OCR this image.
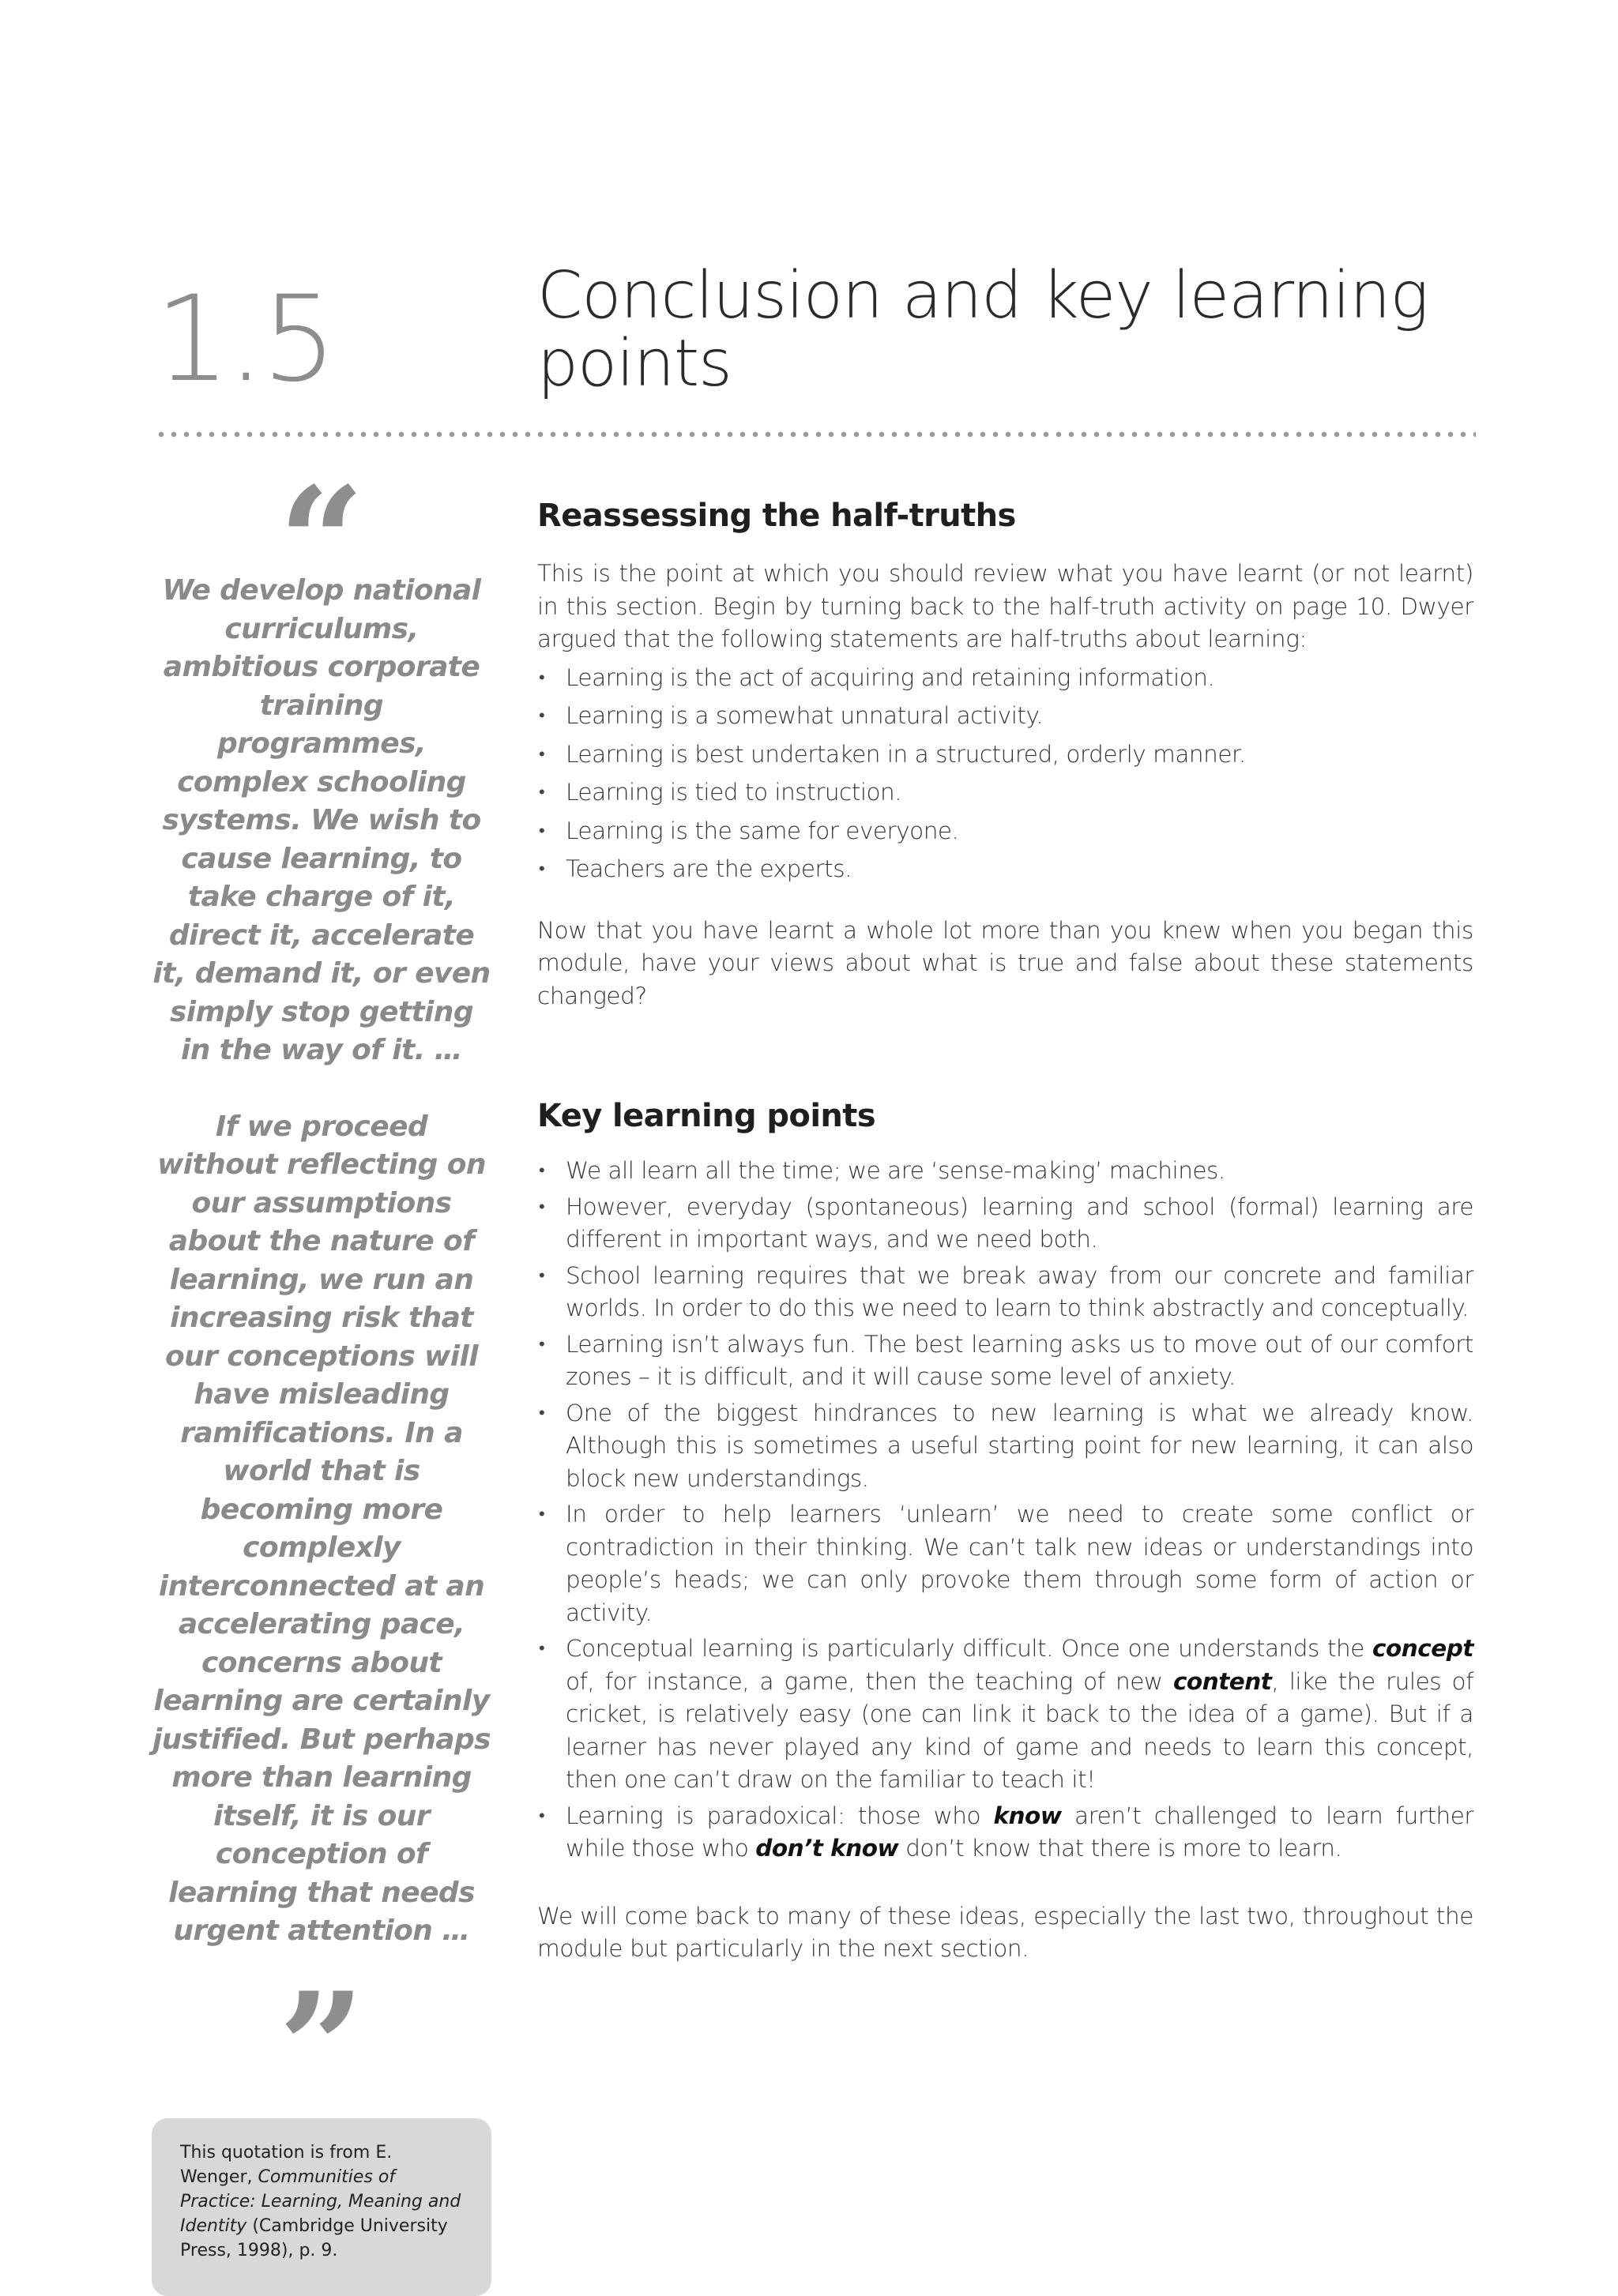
1.5	Conclusion and key learning points
“

We develop national curriculums, ambitious corporate training programmes, complex schooling systems. We wish to cause learning, to take charge of it, direct it, accelerate it, demand it, or even simply stop getting in the way of it. …

If we proceed without reflecting on our assumptions about the nature of learning, we run an increasing risk that our conceptions will have misleading ramifications. In a world that is becoming more complexly interconnected at an accelerating pace, concerns about learning are certainly justified. But perhaps more than learning itself, it is our conception of learning that needs urgent attention …

”
This quotation is from E. Wenger, Communities of Practice: Learning, Meaning and Identity (Cambridge University Press, 1998), p. 9.
Reassessing the half-truths

This is the point at which you should review what you have learnt (or not learnt) in this section. Begin by turning back to the half-truth activity on page 10. Dwyer argued that the following statements are half-truths about learning:

• Learning is the act of acquiring and retaining information.
• Learning is a somewhat unnatural activity.
• Learning is best undertaken in a structured, orderly manner.
• Learning is tied to instruction.
• Learning is the same for everyone.
• Teachers are the experts.

Now that you have learnt a whole lot more than you knew when you began this module, have your views about what is true and false about these statements changed?

Key learning points
• We all learn all the time; we are ‘sense-making’ machines.
• However, everyday (spontaneous) learning and school (formal) learning are different in important ways, and we need both.
• School learning requires that we break away from our concrete and familiar worlds. In order to do this we need to learn to think abstractly and conceptually.
• Learning isn’t always fun. The best learning asks us to move out of our comfort zones – it is difficult, and it will cause some level of anxiety.
• One of the biggest hindrances to new learning is what we already know. Although this is sometimes a useful starting point for new learning, it can also block new understandings.
• In order to help learners ‘unlearn’ we need to create some conflict or contradiction in their thinking. We can’t talk new ideas or understandings into people’s heads; we can only provoke them through some form of action or activity.
• Conceptual learning is particularly difficult. Once one understands the concept of, for instance, a game, then the teaching of new content, like the rules of cricket, is relatively easy (one can link it back to the idea of a game). But if a learner has never played any kind of game and needs to learn this concept, then one can’t draw on the familiar to teach it!
• Learning is paradoxical: those who know aren’t challenged to learn further while those who don’t know don’t know that there is more to learn.

We will come back to many of these ideas, especially the last two, throughout the module but particularly in the next section.
